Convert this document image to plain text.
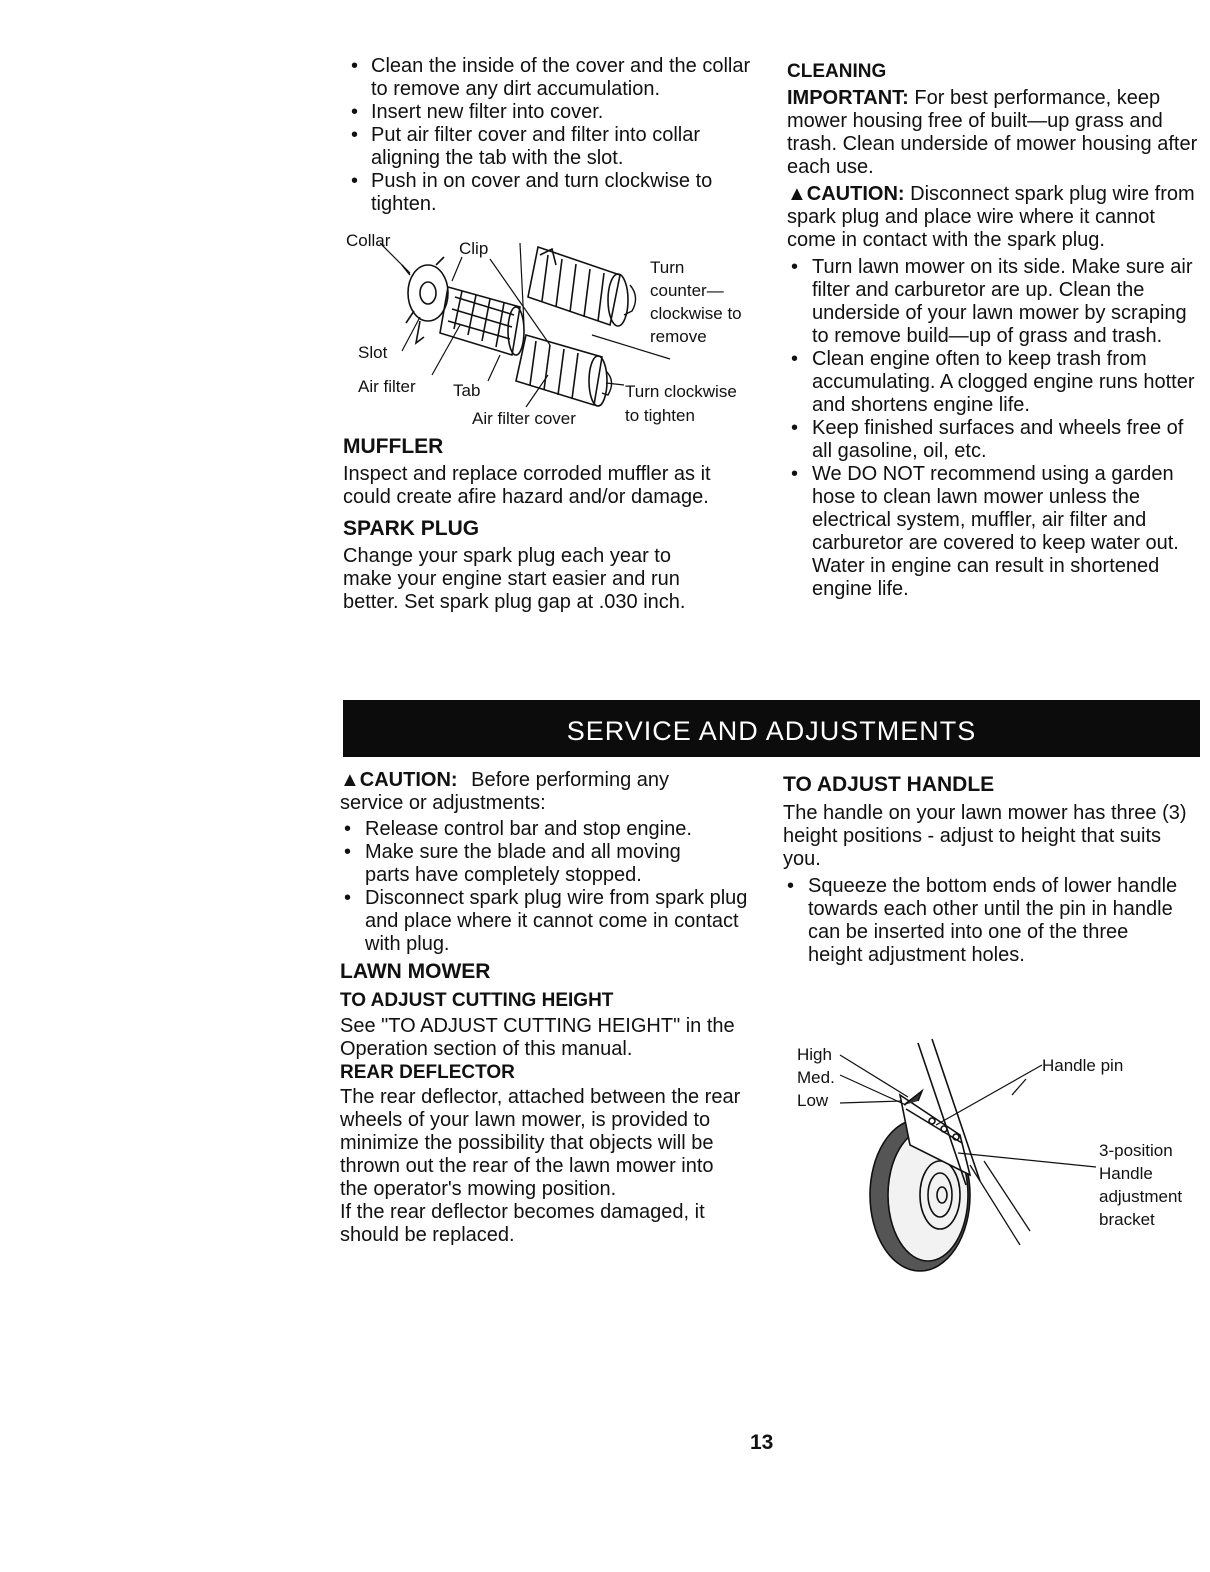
• Clean the inside of the cover and the collar to remove any dirt accumulation.
• Insert new filter into cover.
• Put air filter cover and filter into collar aligning the tab with the slot.
• Push in on cover and turn clockwise to tighten.
Collar	Clip
Turn
counter—
clockwise to
remove
Slot
Air filter Tab	Turn clockwise
to tighten
Air filter cover

MUFFLER

Inspect and replace corroded muffler as it could create afire hazard and/or damage.

SPARK PLUG

Change your spark plug each year to make your engine start easier and run better. Set spark plug gap at .030 inch.

CLEANING

IMPORTANT: For best performance, keep mower housing free of built—up grass and trash. Clean underside of mower housing after each use.

▲CAUTION: Disconnect spark plug wire from spark plug and place wire where it cannot come in contact with the spark plug.

• Turn lawn mower on its side. Make sure air filter and carburetor are up. Clean the underside of your lawn mower by scraping to remove build—up of grass and trash.
• Clean engine often to keep trash from accumulating. A clogged engine runs hotter and shortens engine life.
• Keep finished surfaces and wheels free of all gasoline, oil, etc.
• We DO NOT recommend using a garden hose to clean lawn mower unless the electrical system, muffler, air filter and carburetor are covered to keep water out. Water in engine can result in shortened engine life.
SERVICE AND ADJUSTMENTS

▲CAUTION: Before performing any service or adjustments:

• Release control bar and stop engine.
• Make sure the blade and all moving parts have completely stopped.
• Disconnect spark plug wire from spark plug and place where it cannot come in contact with plug.

LAWN MOWER

TO ADJUST CUTTING HEIGHT

See "TO ADJUST CUTTING HEIGHT" in the Operation section of this manual.

REAR DEFLECTOR

The rear deflector, attached between the rear wheels of your lawn mower, is provided to minimize the possibility that objects will be thrown out the rear of the lawn mower into the operator's mowing position.

If the rear deflector becomes damaged, it should be replaced.

TO ADJUST HANDLE

The handle on your lawn mower has three (3) height positions - adjust to height that suits you.

• Squeeze the bottom ends of lower handle towards each other until the pin in handle can be inserted into one of the three height adjustment holes.
High
Med.
Low
Handle pin
3-position
Handle
adjustment
bracket
13
